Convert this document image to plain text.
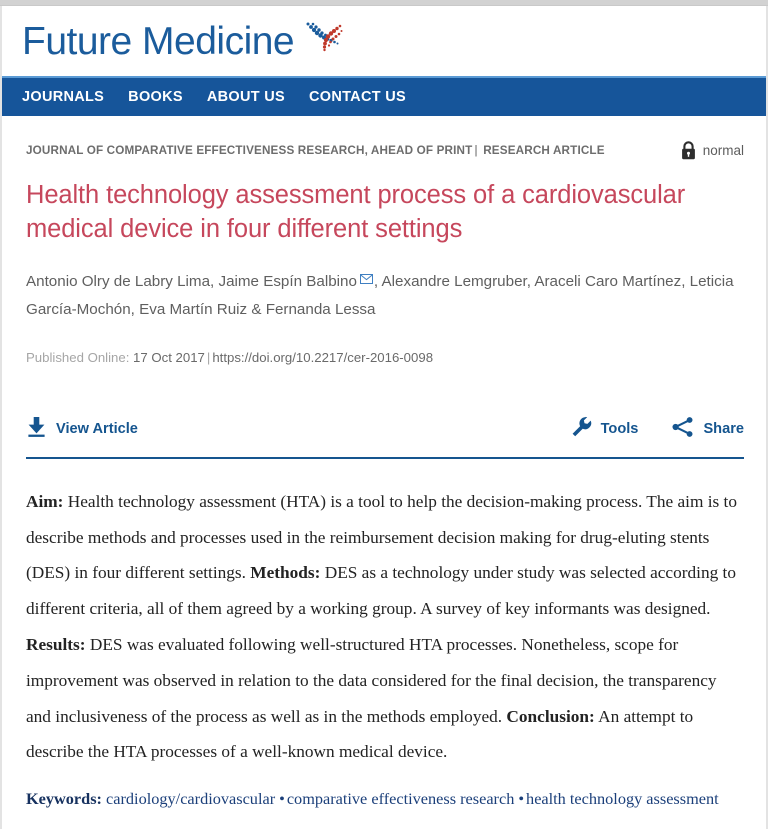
Future Medicine
JOURNALS BOOKS ABOUT US CONTACT US
JOURNAL OF COMPARATIVE EFFECTIVENESS RESEARCH, AHEAD OF PRINT | RESEARCH ARTICLE	normal
Health technology assessment process of a cardiovascular medical device in four different settings
Antonio Olry de Labry Lima, Jaime Espín Balbino , Alexandre Lemgruber, Araceli Caro Martínez, Leticia García-Mochón, Eva Martín Ruiz & Fernanda Lessa
Published Online: 17 Oct 2017 | https://doi.org/10.2217/cer-2016-0098
View Article	Tools	Share
Aim: Health technology assessment (HTA) is a tool to help the decision-making process. The aim is to describe methods and processes used in the reimbursement decision making for drug-eluting stents (DES) in four different settings. Methods: DES as a technology under study was selected according to different criteria, all of them agreed by a working group. A survey of key informants was designed. Results: DES was evaluated following well-structured HTA processes. Nonetheless, scope for improvement was observed in relation to the data considered for the final decision, the transparency and inclusiveness of the process as well as in the methods employed. Conclusion: An attempt to describe the HTA processes of a well-known medical device.
Keywords: cardiology/cardiovascular • comparative effectiveness research • health technology assessment
